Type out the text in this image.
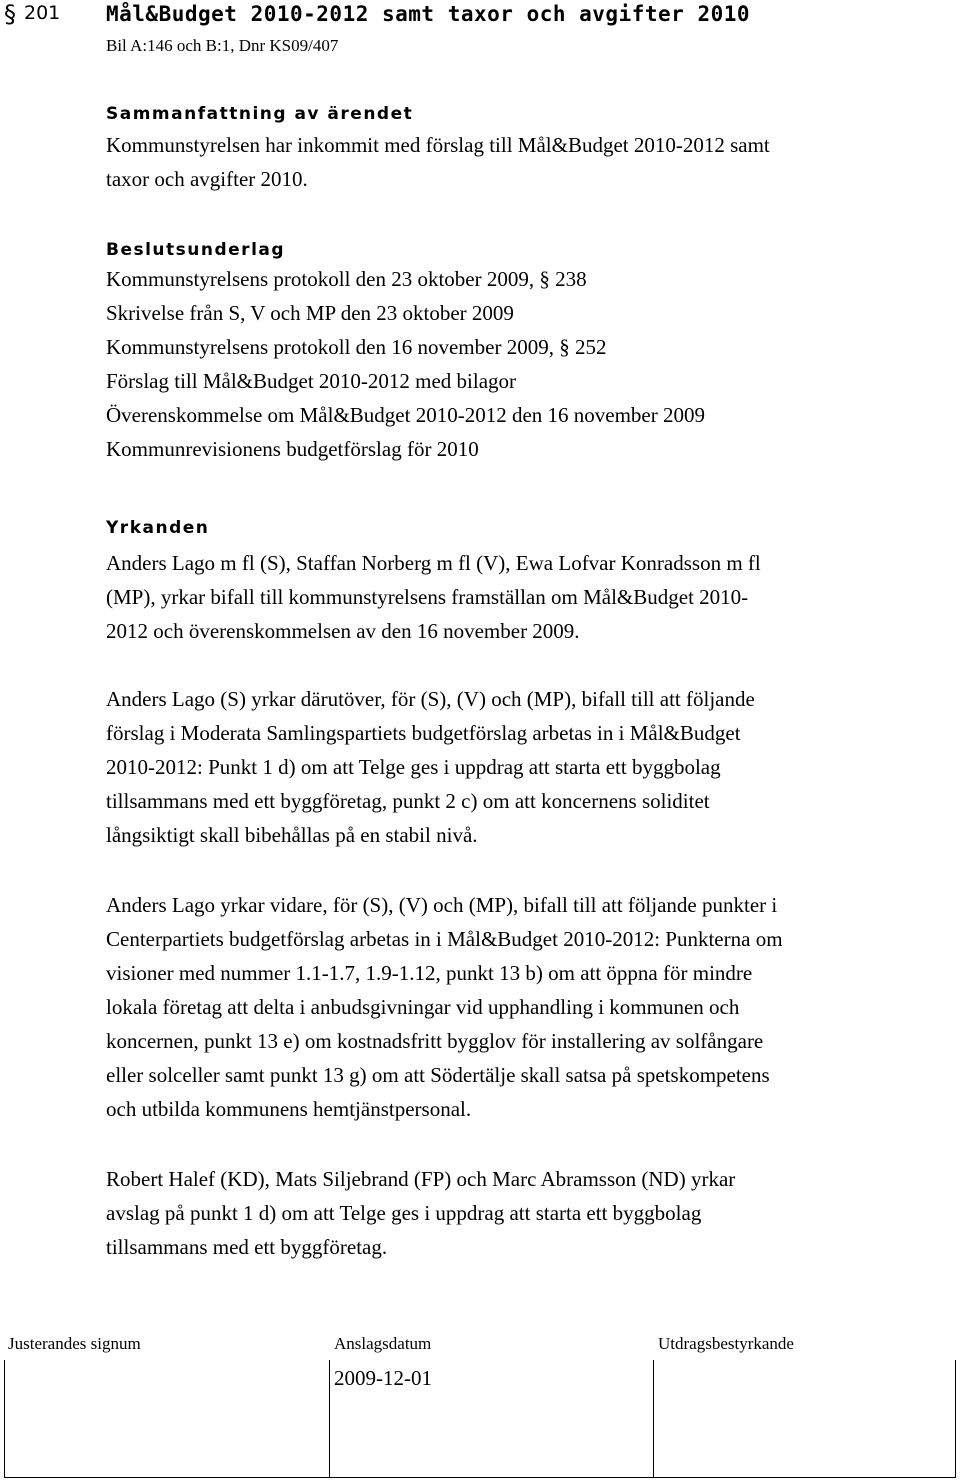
§ 201 Mål&Budget 2010-2012 samt taxor och avgifter 2010
Bil A:146 och B:1, Dnr KS09/407
Sammanfattning av ärendet
Kommunstyrelsen har inkommit med förslag till Mål&Budget 2010-2012 samt
taxor och avgifter 2010.
Beslutsunderlag
Kommunstyrelsens protokoll den 23 oktober 2009, § 238
Skrivelse från S, V och MP den 23 oktober 2009
Kommunstyrelsens protokoll den 16 november 2009, § 252
Förslag till Mål&Budget 2010-2012 med bilagor
Överenskommelse om Mål&Budget 2010-2012 den 16 november 2009
Kommunrevisionens budgetförslag för 2010
Yrkanden
Anders Lago m fl (S), Staffan Norberg m fl (V), Ewa Lofvar Konradsson m fl
(MP), yrkar bifall till kommunstyrelsens framställan om Mål&Budget 2010-
2012 och överenskommelsen av den 16 november 2009.
Anders Lago (S) yrkar därutöver, för (S), (V) och (MP), bifall till att följande
förslag i Moderata Samlingspartiets budgetförslag arbetas in i Mål&Budget
2010-2012: Punkt 1 d) om att Telge ges i uppdrag att starta ett byggbolag
tillsammans med ett byggföretag, punkt 2 c) om att koncernens soliditet
långsiktigt skall bibehållas på en stabil nivå.
Anders Lago yrkar vidare, för (S), (V) och (MP), bifall till att följande punkter i
Centerpartiets budgetförslag arbetas in i Mål&Budget 2010-2012: Punkterna om
visioner med nummer 1.1-1.7, 1.9-1.12, punkt 13 b) om att öppna för mindre
lokala företag att delta i anbudsgivningar vid upphandling i kommunen och
koncernen, punkt 13 e) om kostnadsfritt bygglov för installering av solfångare
eller solceller samt punkt 13 g) om att Södertälje skall satsa på spetskompetens
och utbilda kommunens hemtjänstpersonal.
Robert Halef (KD), Mats Siljebrand (FP) och Marc Abramsson (ND) yrkar
avslag på punkt 1 d) om att Telge ges i uppdrag att starta ett byggbolag
tillsammans med ett byggföretag.
Justerandes signum	Anslagsdatum	Utdragsbestyrkande
2009-12-01
